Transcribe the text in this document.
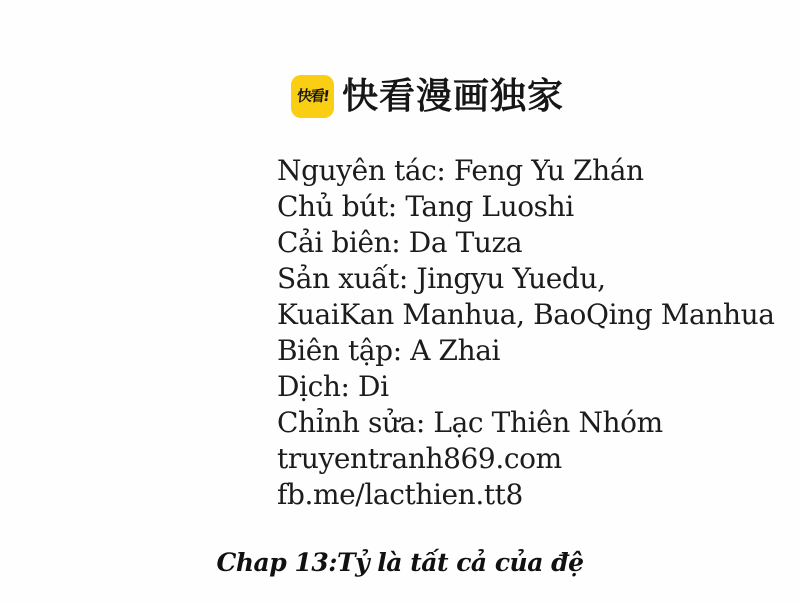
快看! 快看漫画独家
Nguyên tác: Feng Yu Zhán
Chủ bút: Tang Luoshi
Cải biên: Da Tuza
Sản xuất: Jingyu Yuedu,
KuaiKan Manhua, BaoQing Manhua
Biên tập: A Zhai
Dịch: Di
Chỉnh sửa: Lạc Thiên Nhóm
truyentranh869.com
fb.me/lacthien.tt8
Chap 13:Tỷ là tất cả của đệ
